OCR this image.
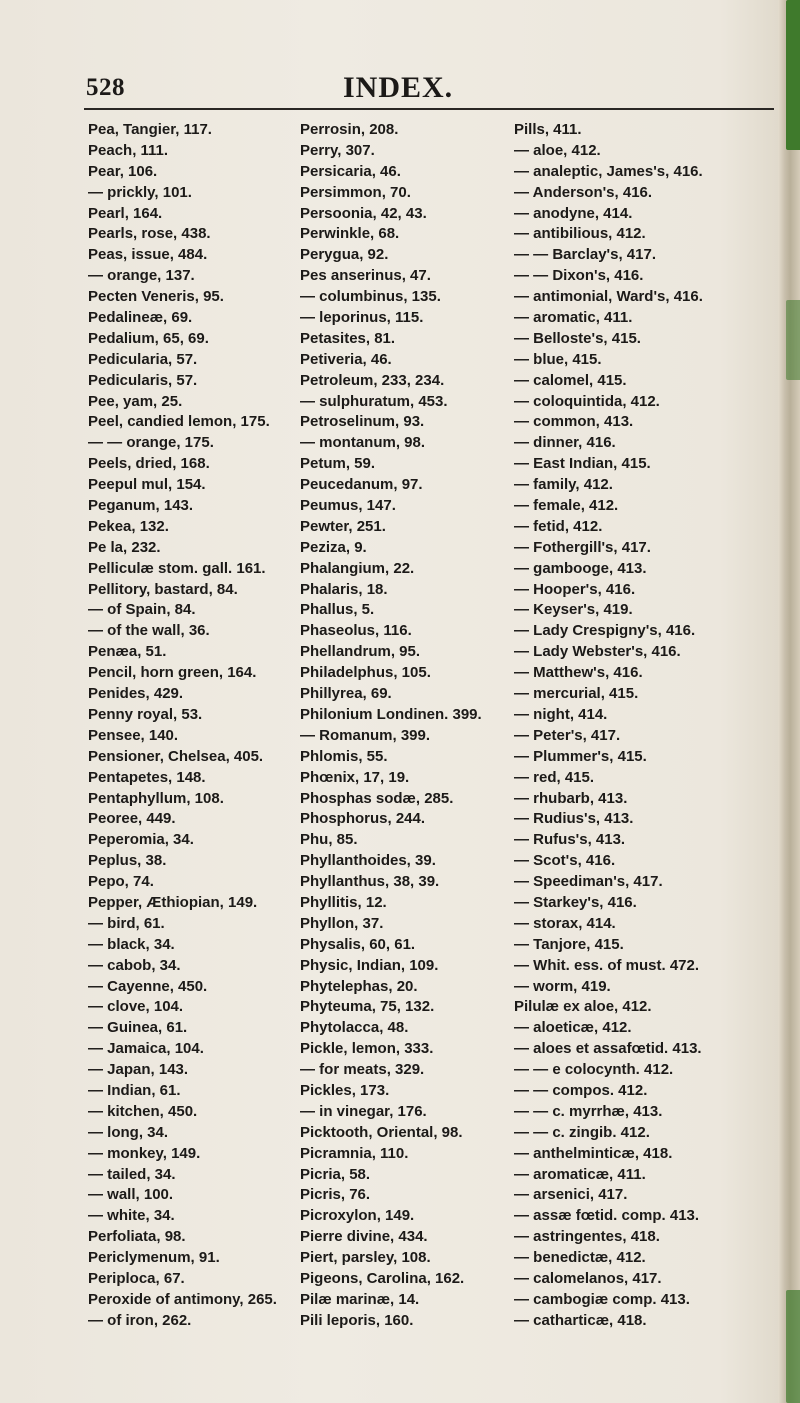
528	INDEX.
Pea, Tangier, 117.
Peach, 111.
Pear, 106.
— prickly, 101.
Pearl, 164.
Pearls, rose, 438.
Peas, issue, 484.
— orange, 137.
Pecten Veneris, 95.
Pedalineæ, 69.
Pedalium, 65, 69.
Pedicularia, 57.
Pedicularis, 57.
Pee, yam, 25.
Peel, candied lemon, 175.
— — orange, 175.
Peels, dried, 168.
Peepul mul, 154.
Peganum, 143.
Pekea, 132.
Pe la, 232.
Pelliculæ stom. gall. 161.
Pellitory, bastard, 84.
— of Spain, 84.
— of the wall, 36.
Penæa, 51.
Pencil, horn green, 164.
Penides, 429.
Penny royal, 53.
Pensee, 140.
Pensioner, Chelsea, 405.
Pentapetes, 148.
Pentaphyllum, 108.
Peoree, 449.
Peperomia, 34.
Peplus, 38.
Pepo, 74.
Pepper, Æthiopian, 149.
— bird, 61.
— black, 34.
— cabob, 34.
— Cayenne, 450.
— clove, 104.
— Guinea, 61.
— Jamaica, 104.
— Japan, 143.
— Indian, 61.
— kitchen, 450.
— long, 34.
— monkey, 149.
— tailed, 34.
— wall, 100.
— white, 34.
Perfoliata, 98.
Periclymenum, 91.
Periploca, 67.
Peroxide of antimony, 265.
— of iron, 262.
Perrosin, 208.
Perry, 307.
Persicaria, 46.
Persimmon, 70.
Persoonia, 42, 43.
Perwinkle, 68.
Perygua, 92.
Pes anserinus, 47.
— columbinus, 135.
— leporinus, 115.
Petasites, 81.
Petiveria, 46.
Petroleum, 233, 234.
— sulphuratum, 453.
Petroselinum, 93.
— montanum, 98.
Petum, 59.
Peucedanum, 97.
Peumus, 147.
Pewter, 251.
Peziza, 9.
Phalangium, 22.
Phalaris, 18.
Phallus, 5.
Phaseolus, 116.
Phellandrum, 95.
Philadelphus, 105.
Phillyrea, 69.
Philonium Londinen. 399.
— Romanum, 399.
Phlomis, 55.
Phœnix, 17, 19.
Phosphas sodæ, 285.
Phosphorus, 244.
Phu, 85.
Phyllanthoides, 39.
Phyllanthus, 38, 39.
Phyllitis, 12.
Phyllon, 37.
Physalis, 60, 61.
Physic, Indian, 109.
Phytelephas, 20.
Phyteuma, 75, 132.
Phytolacca, 48.
Pickle, lemon, 333.
— for meats, 329.
Pickles, 173.
— in vinegar, 176.
Picktooth, Oriental, 98.
Picramnia, 110.
Picria, 58.
Picris, 76.
Picroxylon, 149.
Pierre divine, 434.
Piert, parsley, 108.
Pigeons, Carolina, 162.
Pilæ marinæ, 14.
Pili leporis, 160.
Pills, 411.
— aloe, 412.
— analeptic, James's, 416.
— Anderson's, 416.
— anodyne, 414.
— antibilious, 412.
— — Barclay's, 417.
— — Dixon's, 416.
— antimonial, Ward's, 416.
— aromatic, 411.
— Belloste's, 415.
— blue, 415.
— calomel, 415.
— coloquintida, 412.
— common, 413.
— dinner, 416.
— East Indian, 415.
— family, 412.
— female, 412.
— fetid, 412.
— Fothergill's, 417.
— gambooge, 413.
— Hooper's, 416.
— Keyser's, 419.
— Lady Crespigny's, 416.
— Lady Webster's, 416.
— Matthew's, 416.
— mercurial, 415.
— night, 414.
— Peter's, 417.
— Plummer's, 415.
— red, 415.
— rhubarb, 413.
— Rudius's, 413.
— Rufus's, 413.
— Scot's, 416.
— Speediman's, 417.
— Starkey's, 416.
— storax, 414.
— Tanjore, 415.
— Whit. ess. of must. 472.
— worm, 419.
Pilulæ ex aloe, 412.
— aloeticæ, 412.
— aloes et assafœtid. 413.
— — e colocynth. 412.
— — compos. 412.
— — c. myrrhæ, 413.
— — c. zingib. 412.
— anthelminticæ, 418.
— aromaticæ, 411.
— arsenici, 417.
— assæ fœtid. comp. 413.
— astringentes, 418.
— benedictæ, 412.
— calomelanos, 417.
— cambogiæ comp. 413.
— catharticæ, 418.
